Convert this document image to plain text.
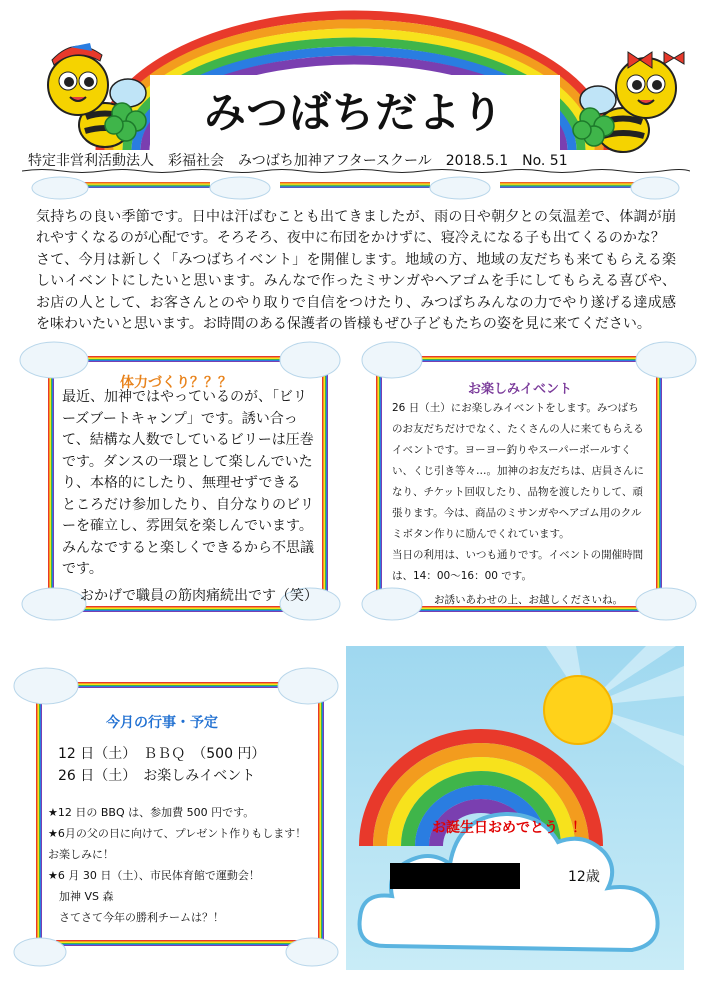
みつばちだより
特定非営利活動法人　彩福社会　みつばち加神アフタースクール　2018.5.1　No. 51

気持ちの良い季節です。日中は汗ばむことも出てきましたが、雨の日や朝夕との気温差で、体調が崩れやすくなるのが心配です。そろそろ、夜中に布団をかけずに、寝冷えになる子も出てくるのかな？

さて、今月は新しく「みつばちイベント」を開催します。地域の方、地域の友だちも来てもらえる楽しいイベントにしたいと思います。みんなで作ったミサンガやヘアゴムを手にしてもらえる喜びや、お店の人として、お客さんとのやり取りで自信をつけたり、みつばちみんなの力でやり遂げる達成感を味わいたいと思います。お時間のある保護者の皆様もぜひ子どもたちの姿を見に来てください。

体力づくり？？？

最近、加神ではやっているのが、「ビリーズブートキャンプ」です。誘い合って、結構な人数でしているビリーは圧巻です。ダンスの一環として楽しんでいたり、本格的にしたり、無理せずできるところだけ参加したり、自分なりのビリーを確立し、雰囲気を楽しんでいます。みんなですると楽しくできるから不思議です。

おかげで職員の筋肉痛続出です（笑）
お楽しみイベント

26 日（土）にお楽しみイベントをします。みつばちのお友だちだけでなく、たくさんの人に来てもらえるイベントです。ヨーヨー釣りやスーパーボールすくい、くじ引き等々…。加神のお友だちは、店員さんになり、チケット回収したり、品物を渡したりして、頑張ります。今は、商品のミサンガやヘアゴム用のクルミボタン作りに励んでくれています。

当日の利用は、いつも通りです。イベントの開催時間は、14：00～16：00 です。

お誘いあわせの上、お越しくださいね。
今月の行事・予定
12 日（土）　ＢＢＱ　（500 円）
26 日（土）　お楽しみイベント

★12 日の BBQ は、参加費 500 円です。

★6月の父の日に向けて、プレゼント作りもします！お楽しみに！

★6 月 30 日（土）、市民体育館で運動会！

　加神 VS 森

　さてさて今年の勝利チームは？！

お誕生日おめでとう　！
12歳
